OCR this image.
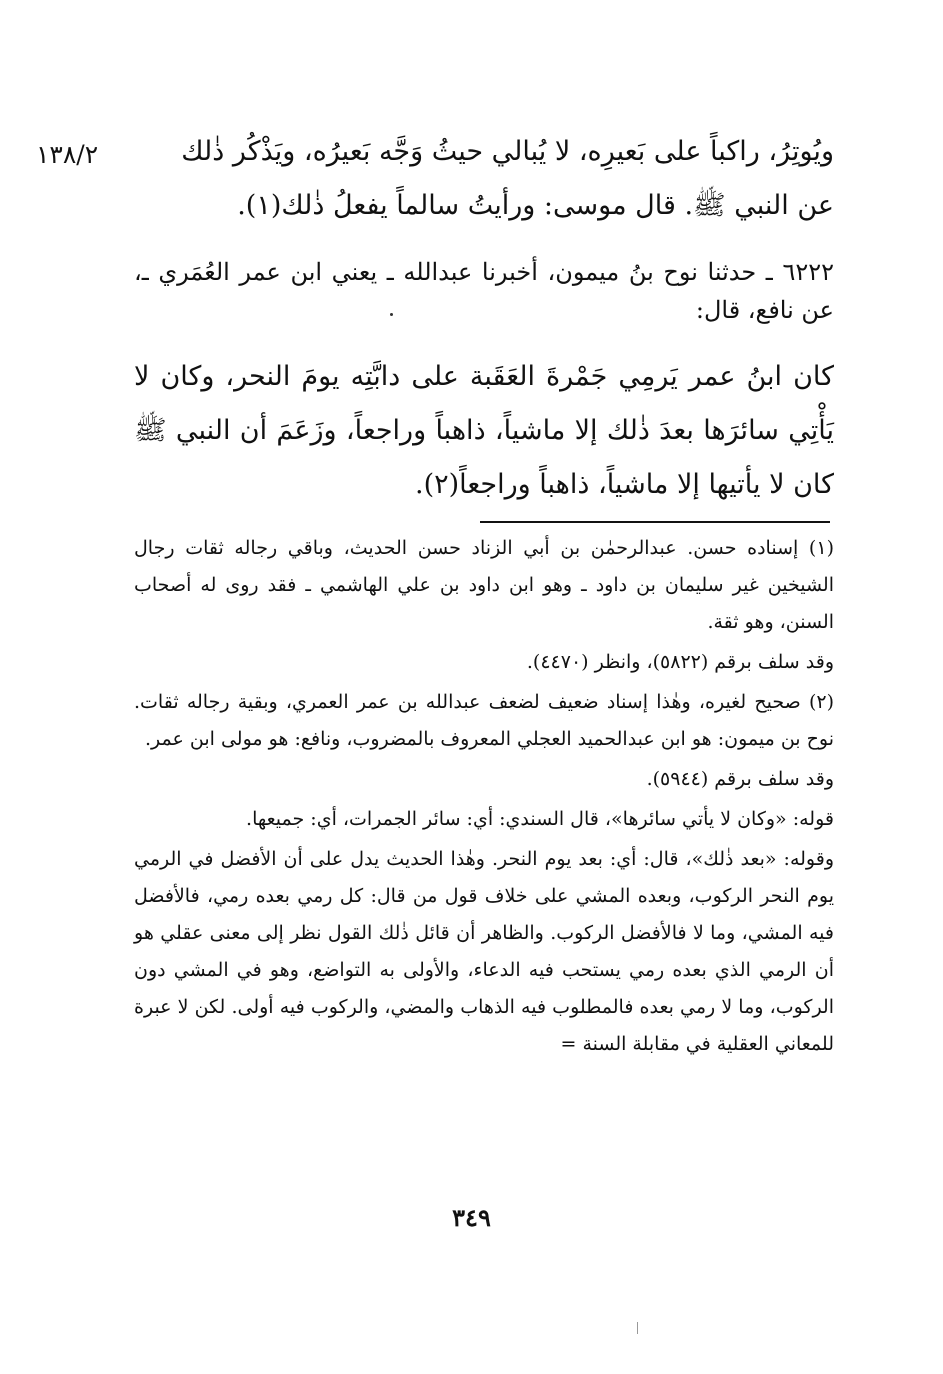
١٣٨/٢	ويُوتِرُ، راكباً على بَعيرِه، لا يُبالي حيثُ وَجَّه بَعيرُه، ويَذْكُر ذٰلك

عن النبي ﷺ. قال موسى: ورأيتُ سالماً يفعلُ ذٰلك(١).

٦٢٢٢ ـ حدثنا نوح بنُ ميمون، أخبرنا عبدالله ـ يعني ابن عمر العُمَري ـ، عن نافع، قال:

كان ابنُ عمر يَرمِي جَمْرةَ العَقَبة على دابَّتِه يومَ النحر، وكان لا يَأْتِي سائرَها بعدَ ذٰلك إلا ماشياً، ذاهباً وراجعاً، وزَعَمَ أن النبي ﷺ كان لا يأتيها إلا ماشياً، ذاهباً وراجعاً(٢).

(١) إسناده حسن. عبدالرحمٰن بن أبي الزناد حسن الحديث، وباقي رجاله ثقات رجال الشيخين غير سليمان بن داود ـ وهو ابن داود بن علي الهاشمي ـ فقد روى له أصحاب السنن، وهو ثقة.

وقد سلف برقم (٥٨٢٢)، وانظر (٤٤٧٠).

(٢) صحيح لغيره، وهٰذا إسناد ضعيف لضعف عبدالله بن عمر العمري، وبقية رجاله ثقات. نوح بن ميمون: هو ابن عبدالحميد العجلي المعروف بالمضروب، ونافع: هو مولى ابن عمر.

وقد سلف برقم (٥٩٤٤).

قوله: «وكان لا يأتي سائرها»، قال السندي: أي: سائر الجمرات، أي: جميعها.

وقوله: «بعد ذٰلك»، قال: أي: بعد يوم النحر. وهٰذا الحديث يدل على أن الأفضل في الرمي يوم النحر الركوب، وبعده المشي على خلاف قول من قال: كل رمي بعده رمي، فالأفضل فيه المشي، وما لا فالأفضل الركوب. والظاهر أن قائل ذٰلك القول نظر إلى معنى عقلي هو أن الرمي الذي بعده رمي يستحب فيه الدعاء، والأولى به التواضع، وهو في المشي دون الركوب، وما لا رمي بعده فالمطلوب فيه الذهاب والمضي، والركوب فيه أولى. لكن لا عبرة للمعاني العقلية في مقابلة السنة =

٣٤٩
